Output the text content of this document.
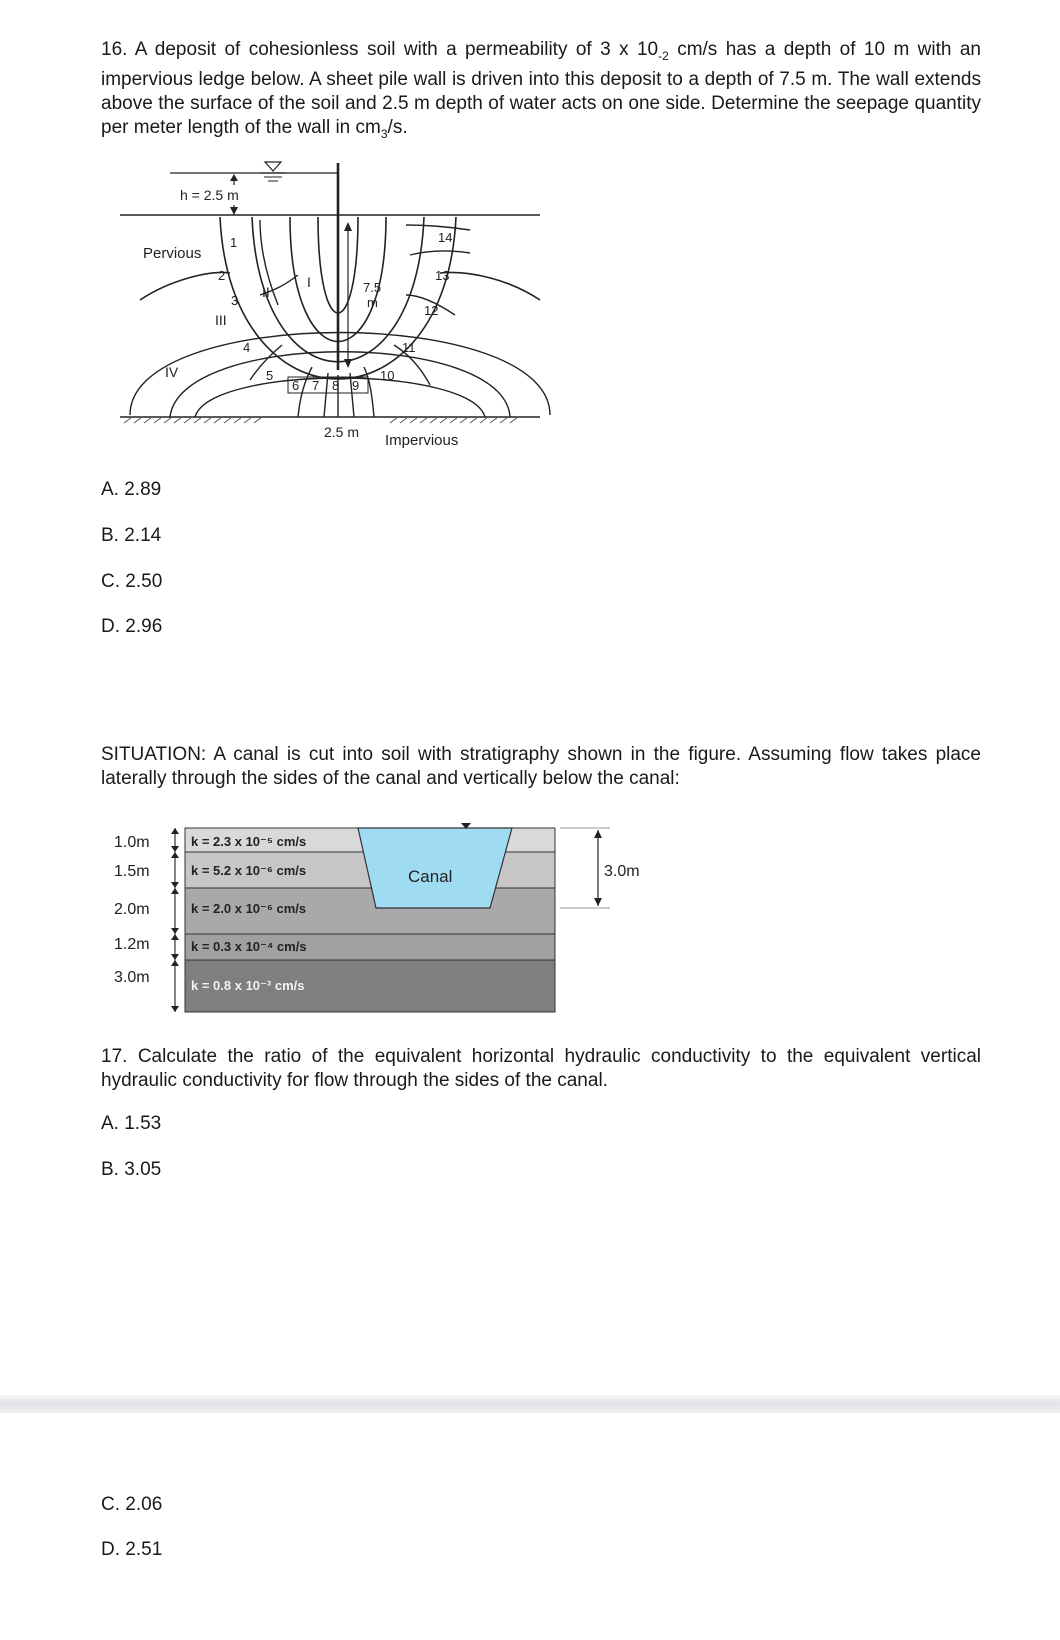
16. A deposit of cohesionless soil with a permeability of 3 x $10_{-2}$ cm/s has a depth of 10 m with an impervious ledge below. A sheet pile wall is driven into this deposit to a depth of 7.5 m. The wall extends above the surface of the soil and 2.5 m depth of water acts on one side. Determine the seepage quantity per meter length of the wall in $cm_3/s$.

h = 2.5 m
7.5
m
Pervious
Impervious
2.5 m
I
II
III
IV
1
2
3
4
5
6 7 8 9
10
11
12
13
14

A. 2.89

B. 2.14

C. 2.50

D. 2.96

SITUATION: A canal is cut into soil with stratigraphy shown in the figure. Assuming flow takes place laterally through the sides of the canal and vertically below the canal:

Canal	3.0m
1.0m
1.5m
2.0m
1.2m
3.0m
k = 2.3 x 10⁻⁵ cm/s
k = 5.2 x 10⁻⁶ cm/s
k = 2.0 x 10⁻⁶ cm/s
k = 0.3 x 10⁻⁴ cm/s
k = 0.8 x 10⁻³ cm/s

17. Calculate the ratio of the equivalent horizontal hydraulic conductivity to the equivalent vertical hydraulic conductivity for flow through the sides of the canal.

A. 1.53

B. 3.05

C. 2.06

D. 2.51
